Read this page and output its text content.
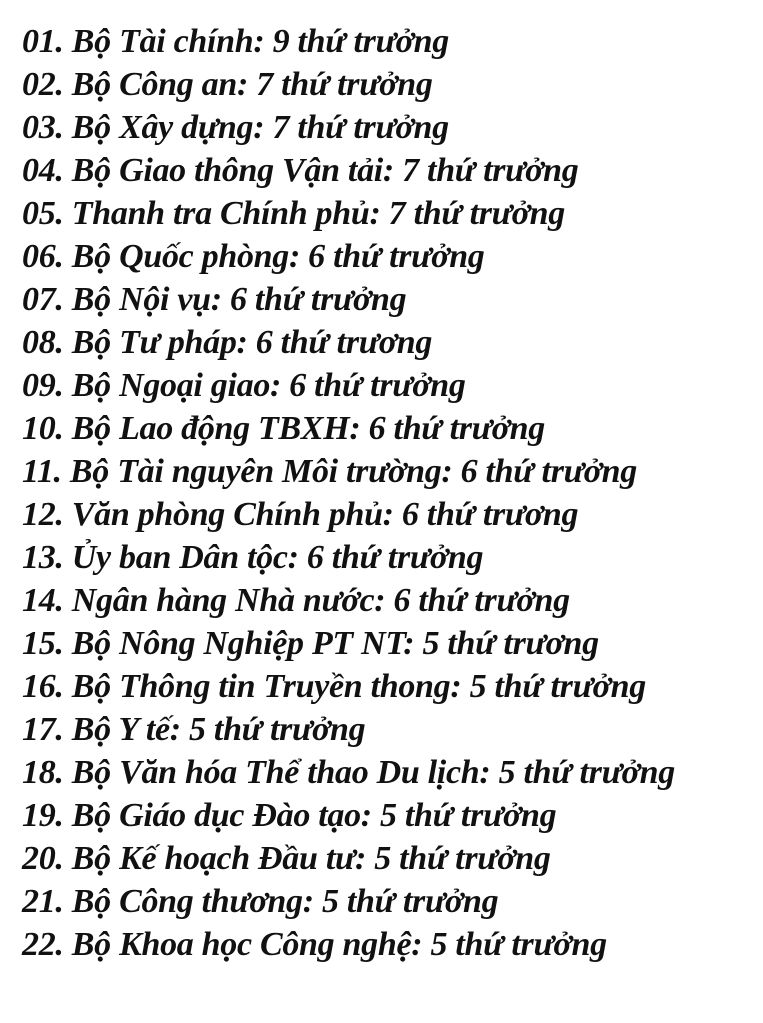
01. Bộ Tài chính: 9 thứ trưởng
02. Bộ Công an: 7 thứ trưởng
03. Bộ Xây dựng: 7 thứ trưởng
04. Bộ Giao thông Vận tải: 7 thứ trưởng
05. Thanh tra Chính phủ: 7 thứ trưởng
06. Bộ Quốc phòng: 6 thứ trưởng
07. Bộ Nội vụ: 6 thứ trưởng
08. Bộ Tư pháp: 6 thứ trương
09. Bộ Ngoại giao: 6 thứ trưởng
10. Bộ Lao động TBXH: 6 thứ trưởng
11. Bộ Tài nguyên Môi trường: 6 thứ trưởng
12. Văn phòng Chính phủ: 6 thứ trương
13. Ủy ban Dân tộc: 6 thứ trưởng
14. Ngân hàng Nhà nước: 6 thứ trưởng
15. Bộ Nông Nghiệp PT NT: 5 thứ trương
16. Bộ Thông tin Truyền thong: 5 thứ trưởng
17. Bộ Y tế: 5 thứ trưởng
18. Bộ Văn hóa Thể thao Du lịch: 5 thứ trưởng
19. Bộ Giáo dục Đào tạo: 5 thứ trưởng
20. Bộ Kế hoạch Đầu tư: 5 thứ trưởng
21. Bộ Công thương: 5 thứ trưởng
22. Bộ Khoa học Công nghệ: 5 thứ trưởng
